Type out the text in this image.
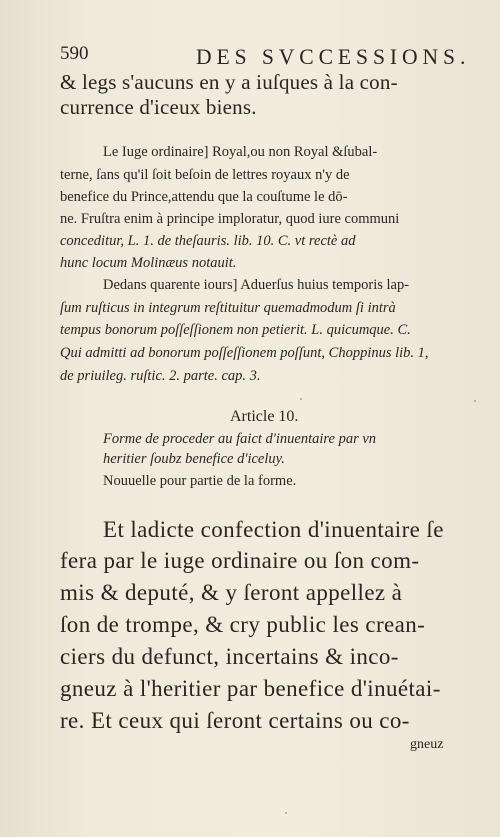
590	DES SVCCESSIONS.
& legs s'aucuns en y a iuſques à la con-
currence d'iceux biens.
Le Iuge ordinaire] Royal,ou non Royal &ſubal-
terne, ſans qu'il ſoit beſoin de lettres royaux n'y de
benefice du Prince,attendu que la couſtume le dō-
ne. Fruſtra enim à principe imploratur, quod iure communi
conceditur, L. 1. de theſauris. lib. 10. C. vt rectè ad
hunc locum Molinæus notauit.
Dedans quarente iours] Aduerſus huius temporis lap-
ſum ruſticus in integrum reſtituitur quemadmodum ſi intrà
tempus bonorum poſſeſſionem non petierit. L. quicumque. C.
Qui admitti ad bonorum poſſeſſionem poſſunt, Choppinus lib. 1,
de priuileg. ruſtic. 2. parte. cap. 3.
Article 10.
Forme de proceder au faict d'inuentaire par vn
heritier ſoubz benefice d'iceluy.
Nouuelle pour partie de la forme.
Et ladicte confection d'inuentaire ſe
fera par le iuge ordinaire ou ſon com-
mis & deputé, & y ſeront appellez à
ſon de trompe, & cry public les crean-
ciers du defunct, incertains & inco-
gneuz à l'heritier par benefice d'inuétai-
re. Et ceux qui ſeront certains ou co-
gneuz
